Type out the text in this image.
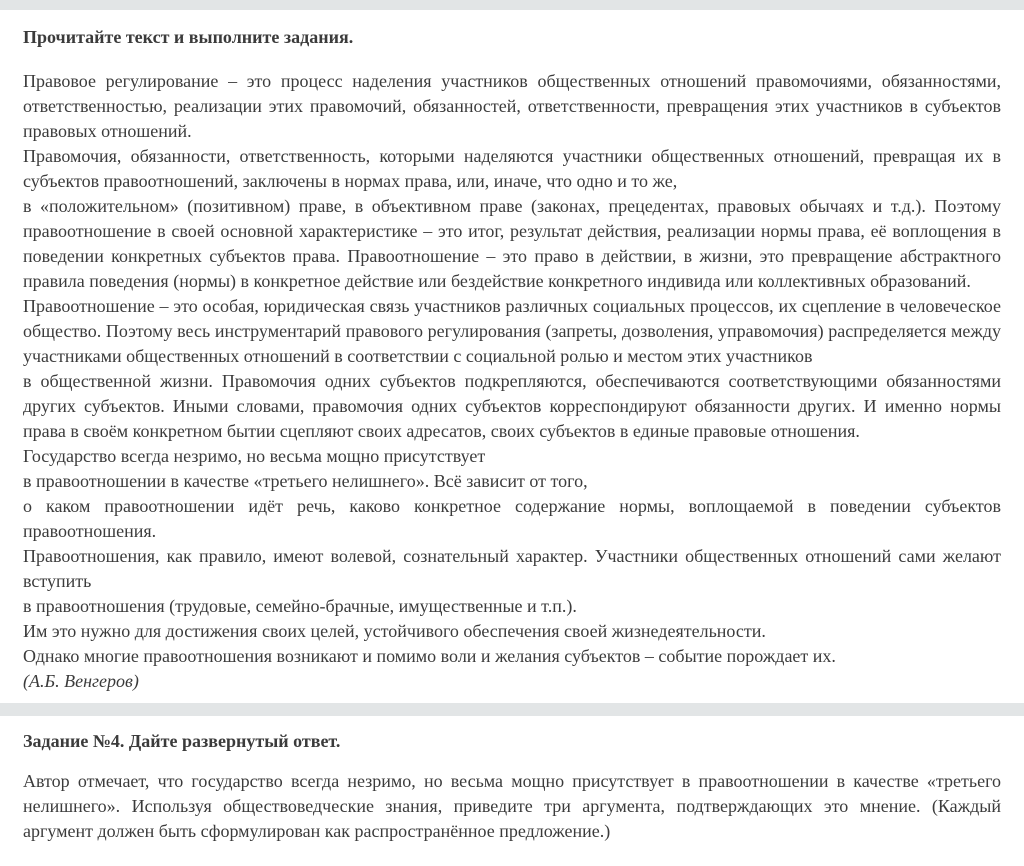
Прочитайте текст и выполните задания.

Правовое регулирование – это процесс наделения участников общественных отношений правомочиями, обязанностями, ответственностью, реализации этих правомочий, обязанностей, ответственности, превращения этих участников в субъектов правовых отношений.

Правомочия, обязанности, ответственность, которыми наделяются участники общественных отношений, превращая их в субъектов правоотношений, заключены в нормах права, или, иначе, что одно и то же,

в «положительном» (позитивном) праве, в объективном праве (законах, прецедентах, правовых обычаях и т.д.). Поэтому правоотношение в своей основной характеристике – это итог, результат действия, реализации нормы права, её воплощения в поведении конкретных субъектов права. Правоотношение – это право в действии, в жизни, это превращение абстрактного правила поведения (нормы) в конкретное действие или бездействие конкретного индивида или коллективных образований.

Правоотношение – это особая, юридическая связь участников различных социальных процессов, их сцепление в человеческое общество. Поэтому весь инструментарий правового регулирования (запреты, дозволения, управомочия) распределяется между участниками общественных отношений в соответствии с социальной ролью и местом этих участников

в общественной жизни. Правомочия одних субъектов подкрепляются, обеспечиваются соответствующими обязанностями других субъектов. Иными словами, правомочия одних субъектов корреспондируют обязанности других. И именно нормы права в своём конкретном бытии сцепляют своих адресатов, своих субъектов в единые правовые отношения.

Государство всегда незримо, но весьма мощно присутствует

в правоотношении в качестве «третьего нелишнего». Всё зависит от того,

о каком правоотношении идёт речь, каково конкретное содержание нормы, воплощаемой в поведении субъектов правоотношения.

Правоотношения, как правило, имеют волевой, сознательный характер. Участники общественных отношений сами желают вступить

в правоотношения (трудовые, семейно-брачные, имущественные и т.п.).

Им это нужно для достижения своих целей, устойчивого обеспечения своей жизнедеятельности.

Однако многие правоотношения возникают и помимо воли и желания субъектов – событие порождает их.

(А.Б. Венгеров)

Задание №4. Дайте развернутый ответ.

Автор отмечает, что государство всегда незримо, но весьма мощно присутствует в правоотношении в качестве «третьего нелишнего». Используя обществоведческие знания, приведите три аргумента, подтверждающих это мнение. (Каждый аргумент должен быть сформулирован как распространённое предложение.)
